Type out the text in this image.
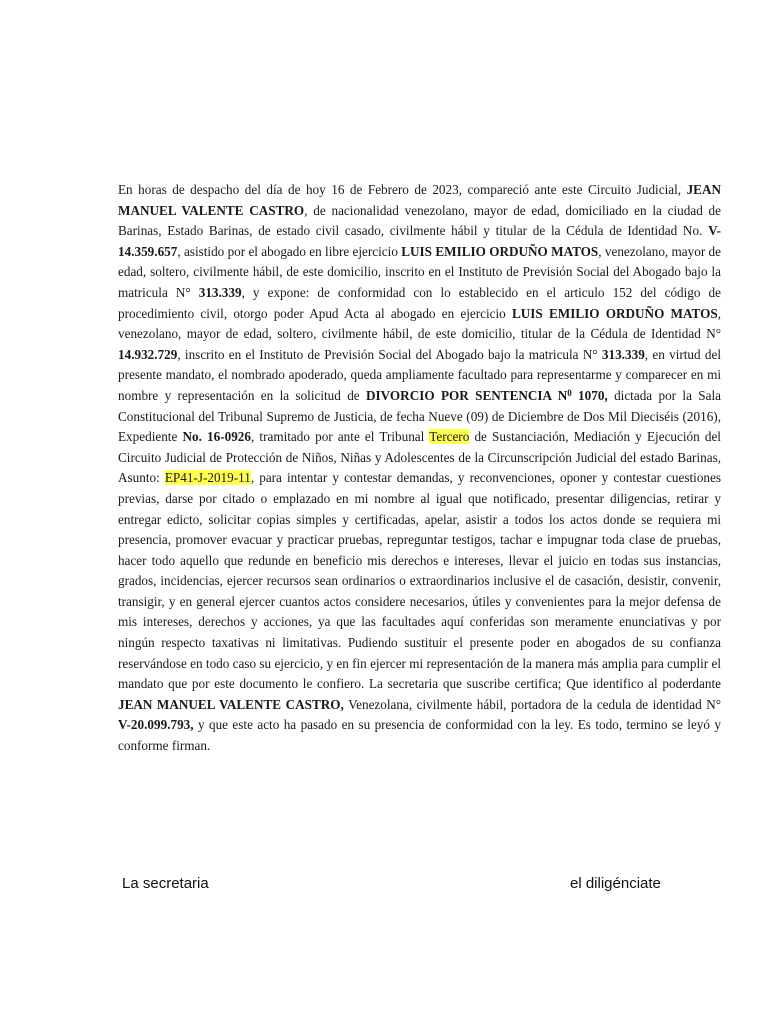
En horas de despacho del día de hoy 16 de Febrero de 2023, compareció ante este Circuito Judicial, JEAN MANUEL VALENTE CASTRO, de nacionalidad venezolano, mayor de edad, domiciliado en la ciudad de Barinas, Estado Barinas, de estado civil casado, civilmente hábil y titular de la Cédula de Identidad No. V- 14.359.657, asistido por el abogado en libre ejercicio LUIS EMILIO ORDUÑO MATOS, venezolano, mayor de edad, soltero, civilmente hábil, de este domicilio, inscrito en el Instituto de Previsión Social del Abogado bajo la matricula N° 313.339, y expone: de conformidad con lo establecido en el articulo 152 del código de procedimiento civil, otorgo poder Apud Acta al abogado en ejercicio LUIS EMILIO ORDUÑO MATOS, venezolano, mayor de edad, soltero, civilmente hábil, de este domicilio, titular de la Cédula de Identidad N° 14.932.729, inscrito en el Instituto de Previsión Social del Abogado bajo la matricula N° 313.339, en virtud del presente mandato, el nombrado apoderado, queda ampliamente facultado para representarme y comparecer en mi nombre y representación en la solicitud de DIVORCIO POR SENTENCIA $N^0$ 1070, dictada por la Sala Constitucional del Tribunal Supremo de Justicia, de fecha Nueve (09) de Diciembre de Dos Mil Dieciséis (2016), Expediente No. 16-0926, tramitado por ante el Tribunal Tercero de Sustanciación, Mediación y Ejecución del Circuito Judicial de Protección de Niños, Niñas y Adolescentes de la Circunscripción Judicial del estado Barinas, Asunto: EP41-J-2019-11, para intentar y contestar demandas, y reconvenciones, oponer y contestar cuestiones previas, darse por citado o emplazado en mi nombre al igual que notificado, presentar diligencias, retirar y entregar edicto, solicitar copias simples y certificadas, apelar, asistir a todos los actos donde se requiera mi presencia, promover evacuar y practicar pruebas, repreguntar testigos, tachar e impugnar toda clase de pruebas, hacer todo aquello que redunde en beneficio mis derechos e intereses, llevar el juicio en todas sus instancias, grados, incidencias, ejercer recursos sean ordinarios o extraordinarios inclusive el de casación, desistir, convenir, transigir, y en general ejercer cuantos actos considere necesarios, útiles y convenientes para la mejor defensa de mis intereses, derechos y acciones, ya que las facultades aquí conferidas son meramente enunciativas y por ningún respecto taxativas ni limitativas. Pudiendo sustituir el presente poder en abogados de su confianza reservándose en todo caso su ejercicio, y en fin ejercer mi representación de la manera más amplia para cumplir el mandato que por este documento le confiero. La secretaria que suscribe certifica; Que identifico al poderdante JEAN MANUEL VALENTE CASTRO, Venezolana, civilmente hábil, portadora de la cedula de identidad N° V-20.099.793, y que este acto ha pasado en su presencia de conformidad con la ley. Es todo, termino se leyó y conforme firman.

La secretaria	el diligénciate
